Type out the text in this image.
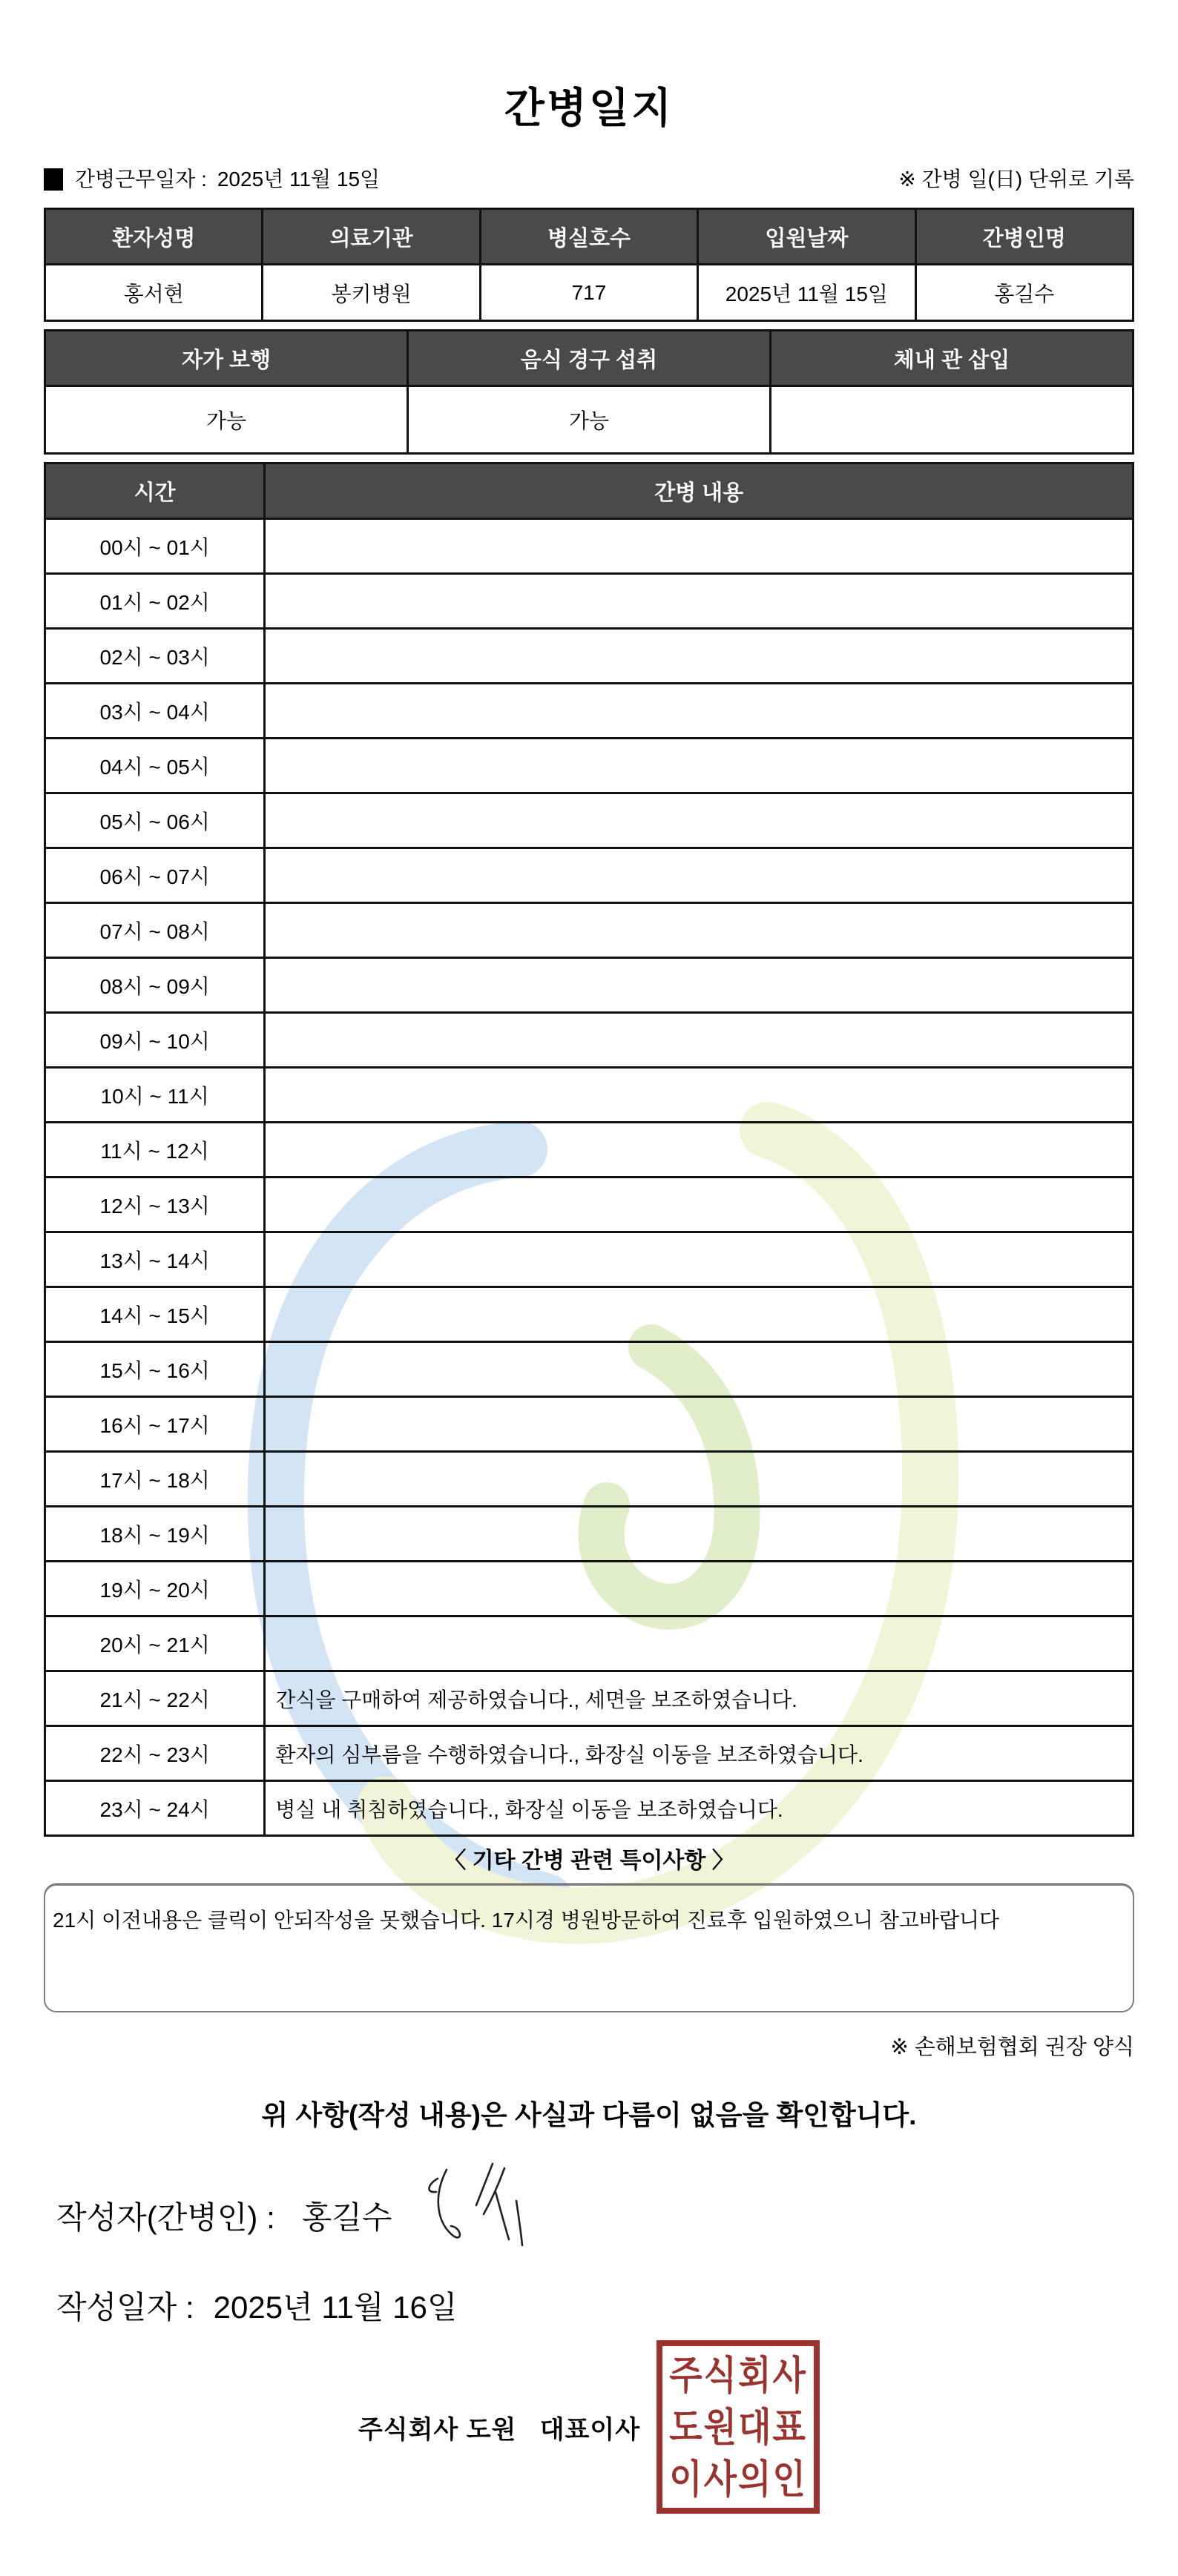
간병일지
간병근무일자 : 2025년 11월 15일	※ 간병 일(日) 단위로 기록
환자성명	의료기관	병실호수	입원날짜	간병인명
홍서현	봉키병원	717	2025년 11월 15일	홍길수
자가 보행	음식 경구 섭취	체내 관 삽입
가능	가능	
시간	간병 내용
00시 ~ 01시	
01시 ~ 02시	
02시 ~ 03시	
03시 ~ 04시	
04시 ~ 05시	
05시 ~ 06시	
06시 ~ 07시	
07시 ~ 08시	
08시 ~ 09시	
09시 ~ 10시	
10시 ~ 11시	
11시 ~ 12시	
12시 ~ 13시	
13시 ~ 14시	
14시 ~ 15시	
15시 ~ 16시	
16시 ~ 17시	
17시 ~ 18시	
18시 ~ 19시	
19시 ~ 20시	
20시 ~ 21시	
21시 ~ 22시	간식을 구매하여 제공하였습니다., 세면을 보조하였습니다.
22시 ~ 23시	환자의 심부름을 수행하였습니다., 화장실 이동을 보조하였습니다.
23시 ~ 24시	병실 내 취침하였습니다., 화장실 이동을 보조하였습니다.
〈 기타 간병 관련 특이사항 〉
21시 이전내용은 클릭이 안되작성을 못했습니다. 17시경 병원방문하여 진료후 입원하였으니 참고바랍니다
※ 손해보험협회 권장 양식
위 사항(작성 내용)은 사실과 다름이 없음을 확인합니다.
작성자(간병인) : 홍길수
작성일자 : 2025년 11월 16일
주식회사 도원   대표이사
주식회사
도원대표
이사의인
